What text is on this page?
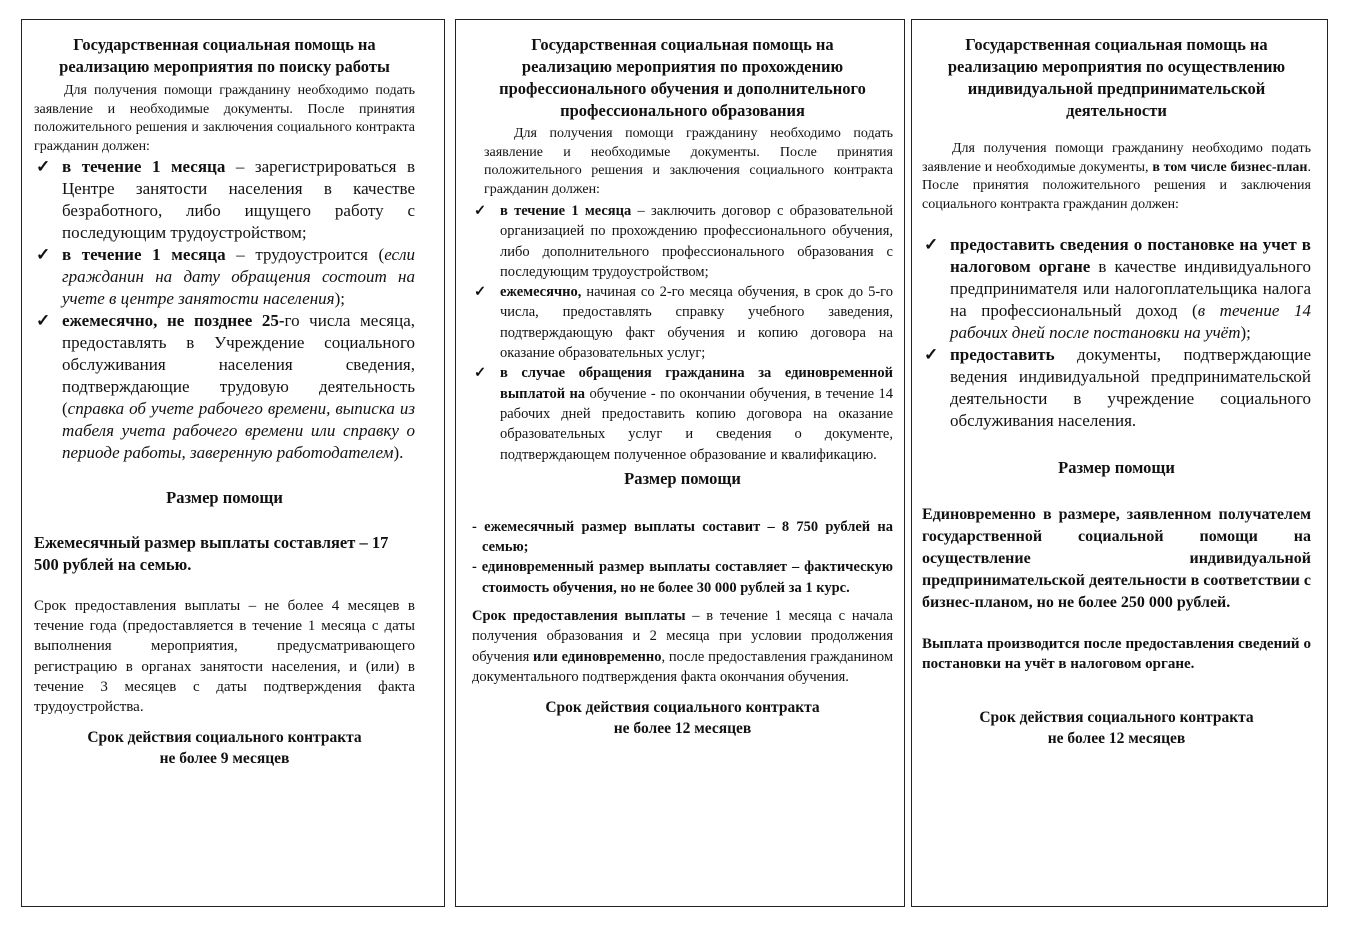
Государственная социальная помощь на реализацию мероприятия по поиску работы

Для получения помощи гражданину необходимо подать заявление и необходимые документы. После принятия положительного решения и заключения социального контракта гражданин должен:

✓ в течение 1 месяца – зарегистрироваться в Центре занятости населения в качестве безработного, либо ищущего работу с последующим трудоустройством;
✓ в течение 1 месяца – трудоустроится (если гражданин на дату обращения состоит на учете в центре занятости населения);
✓ ежемесячно, не позднее 25-го числа месяца, предоставлять в Учреждение социального обслуживания населения сведения, подтверждающие трудовую деятельность (справка об учете рабочего времени, выписка из табеля учета рабочего времени или справку о периоде работы, заверенную работодателем).

Размер помощи

Ежемесячный размер выплаты составляет – 17 500 рублей на семью.

Срок предоставления выплаты – не более 4 месяцев в течение года (предоставляется в течение 1 месяца с даты выполнения мероприятия, предусматривающего регистрацию в органах занятости населения, и (или) в течение 3 месяцев с даты подтверждения факта трудоустройства.

Срок действия социального контракта
не более 9 месяцев

Государственная социальная помощь на реализацию мероприятия по прохождению профессионального обучения и дополнительного профессионального образования

Для получения помощи гражданину необходимо подать заявление и необходимые документы. После принятия положительного решения и заключения социального контракта гражданин должен:

✓ в течение 1 месяца – заключить договор с образовательной организацией по прохождению профессионального обучения, либо дополнительного профессионального образования с последующим трудоустройством;
✓ ежемесячно, начиная со 2-го месяца обучения, в срок до 5-го числа, предоставлять справку учебного заведения, подтверждающую факт обучения и копию договора на оказание образовательных услуг;
✓ в случае обращения гражданина за единовременной выплатой на обучение - по окончании обучения, в течение 14 рабочих дней предоставить копию договора на оказание образовательных услуг и сведения о документе, подтверждающем полученное образование и квалификацию.

Размер помощи

- ежемесячный размер выплаты составит – 8 750 рублей на семью;

- единовременный размер выплаты составляет – фактическую стоимость обучения, но не более 30 000 рублей за 1 курс.

Срок предоставления выплаты – в течение 1 месяца с начала получения образования и 2 месяца при условии продолжения обучения или единовременно, после предоставления гражданином документального подтверждения факта окончания обучения.

Срок действия социального контракта
не более 12 месяцев

Государственная социальная помощь на реализацию мероприятия по осуществлению индивидуальной предпринимательской деятельности

Для получения помощи гражданину необходимо подать заявление и необходимые документы, в том числе бизнес-план. После принятия положительного решения и заключения социального контракта гражданин должен:

✓ предоставить сведения о постановке на учет в налоговом органе в качестве индивидуального предпринимателя или налогоплательщика налога на профессиональный доход (в течение 14 рабочих дней после постановки на учёт);
✓ предоставить документы, подтверждающие ведения индивидуальной предпринимательской деятельности в учреждение социального обслуживания населения.

Размер помощи

Единовременно в размере, заявленном получателем государственной социальной помощи на осуществление индивидуальной предпринимательской деятельности в соответствии с бизнес-планом, но не более 250 000 рублей.

Выплата производится после предоставления сведений о постановки на учёт в налоговом органе.

Срок действия социального контракта
не более 12 месяцев
